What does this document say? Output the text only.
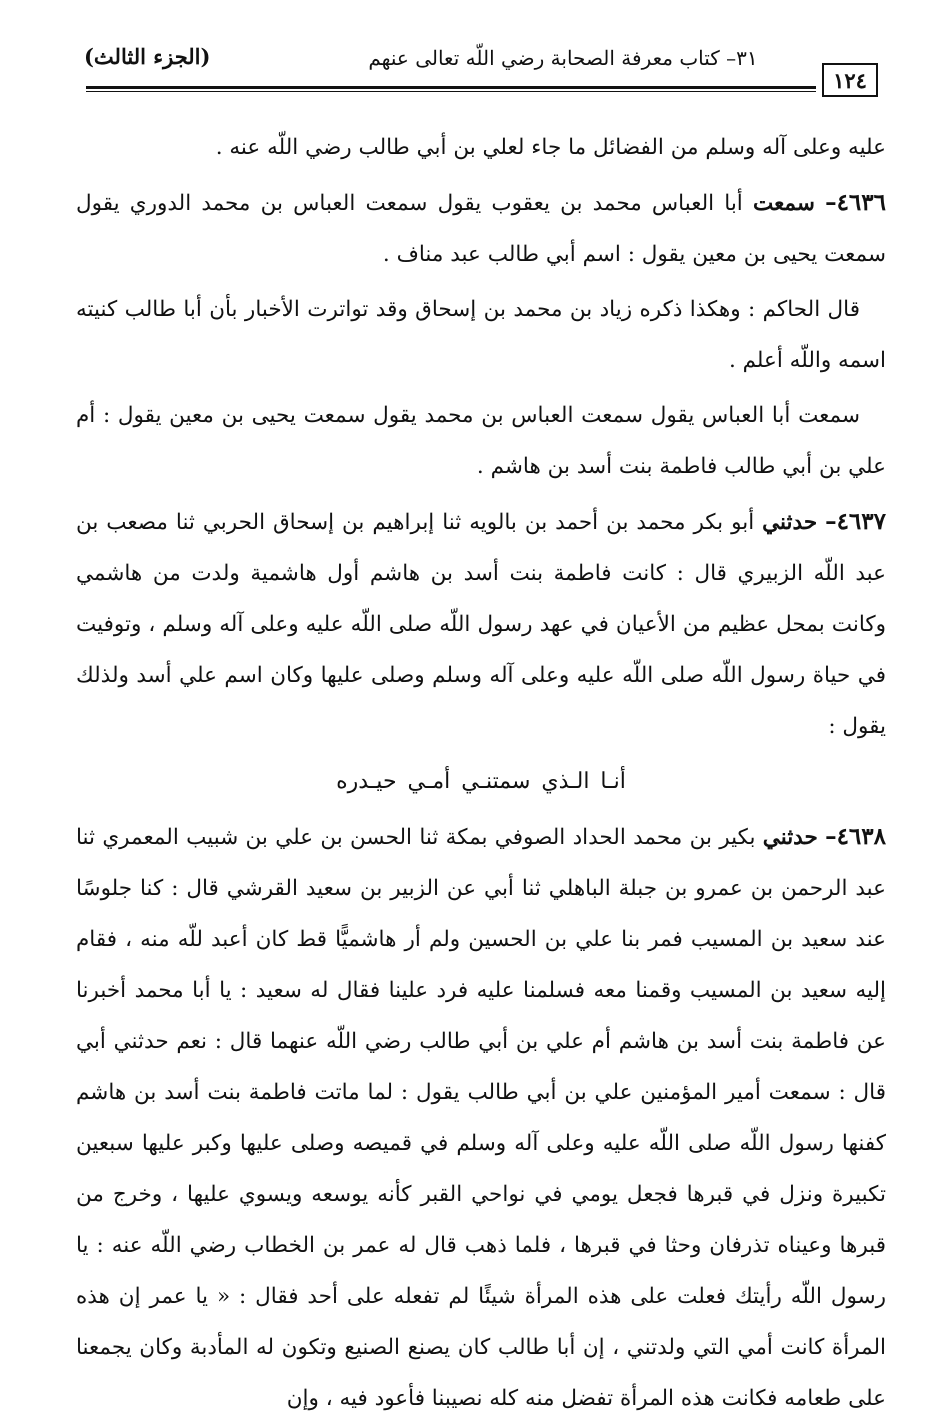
١٢٤
٣١– كتاب معرفة الصحابة رضي اللّه تعالى عنهم
(الجزء الثالث)

عليه وعلى آله وسلم من الفضائل ما جاء لعلي بن أبي طالب رضي اللّه عنه .

٤٦٣٦– سمعت أبا العباس محمد بن يعقوب يقول سمعت العباس بن محمد الدوري يقول سمعت يحيى بن معين يقول : اسم أبي طالب عبد مناف .

قال الحاكم : وهكذا ذكره زياد بن محمد بن إسحاق وقد تواترت الأخبار بأن أبا طالب كنيته اسمه واللّه أعلم .

سمعت أبا العباس يقول سمعت العباس بن محمد يقول سمعت يحيى بن معين يقول : أم علي بن أبي طالب فاطمة بنت أسد بن هاشم .

٤٦٣٧– حدثني أبو بكر محمد بن أحمد بن بالويه ثنا إبراهيم بن إسحاق الحربي ثنا مصعب بن عبد اللّه الزبيري قال : كانت فاطمة بنت أسد بن هاشم أول هاشمية ولدت من هاشمي وكانت بمحل عظيم من الأعيان في عهد رسول اللّه صلى اللّه عليه وعلى آله وسلم ، وتوفيت في حياة رسول اللّه صلى اللّه عليه وعلى آله وسلم وصلى عليها وكان اسم علي أسد ولذلك يقول :

أنـا الـذي سمتنـي أمـي حيـدره

٤٦٣٨– حدثني بكير بن محمد الحداد الصوفي بمكة ثنا الحسن بن علي بن شبيب المعمري ثنا عبد الرحمن بن عمرو بن جبلة الباهلي ثنا أبي عن الزبير بن سعيد القرشي قال : كنا جلوسًا عند سعيد بن المسيب فمر بنا علي بن الحسين ولم أر هاشميًّا قط كان أعبد للّه منه ، فقام إليه سعيد بن المسيب وقمنا معه فسلمنا عليه فرد علينا فقال له سعيد : يا أبا محمد أخبرنا عن فاطمة بنت أسد بن هاشم أم علي بن أبي طالب رضي اللّه عنهما قال : نعم حدثني أبي قال : سمعت أمير المؤمنين علي بن أبي طالب يقول : لما ماتت فاطمة بنت أسد بن هاشم كفنها رسول اللّه صلى اللّه عليه وعلى آله وسلم في قميصه وصلى عليها وكبر عليها سبعين تكبيرة ونزل في قبرها فجعل يومي في نواحي القبر كأنه يوسعه ويسوي عليها ، وخرج من قبرها وعيناه تذرفان وحثا في قبرها ، فلما ذهب قال له عمر بن الخطاب رضي اللّه عنه : يا رسول اللّه رأيتك فعلت على هذه المرأة شيئًا لم تفعله على أحد فقال : « يا عمر إن هذه المرأة كانت أمي التي ولدتني ، إن أبا طالب كان يصنع الصنيع وتكون له المأدبة وكان يجمعنا على طعامه فكانت هذه المرأة تفضل منه كله نصيبنا فأعود فيه ، وإن
